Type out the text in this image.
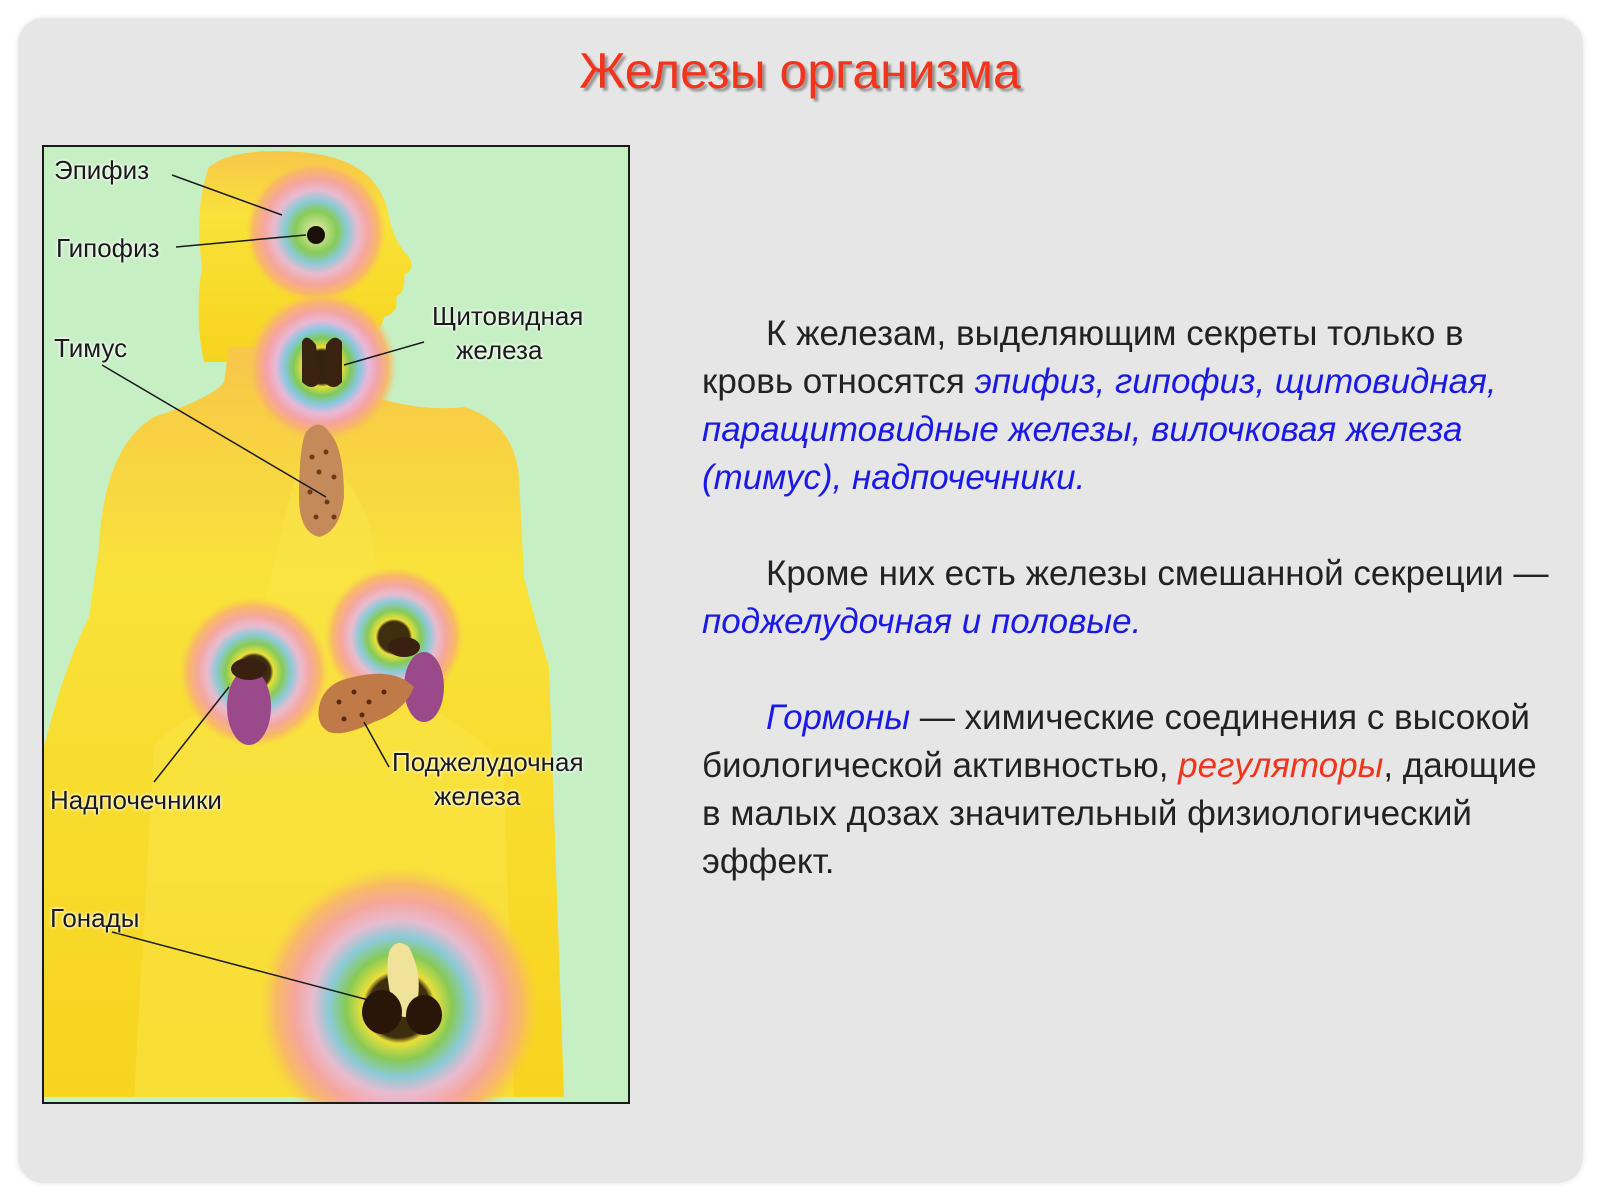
Железы организма
Эпифиз
Гипофиз
Тимус
Щитовидная
железа
Поджелудочная
железа
Надпочечники
Гонады

К железам, выделяющим секреты только в кровь относятся эпифиз, гипофиз, щитовидная, паращитовидные железы, вилочковая железа (тимус), надпочечники.

Кроме них есть железы смешанной секреции — поджелудочная и половые.

Гормоны — химические соединения с высокой биологической активностью, регуляторы, дающие в малых дозах значительный физиологический эффект.
